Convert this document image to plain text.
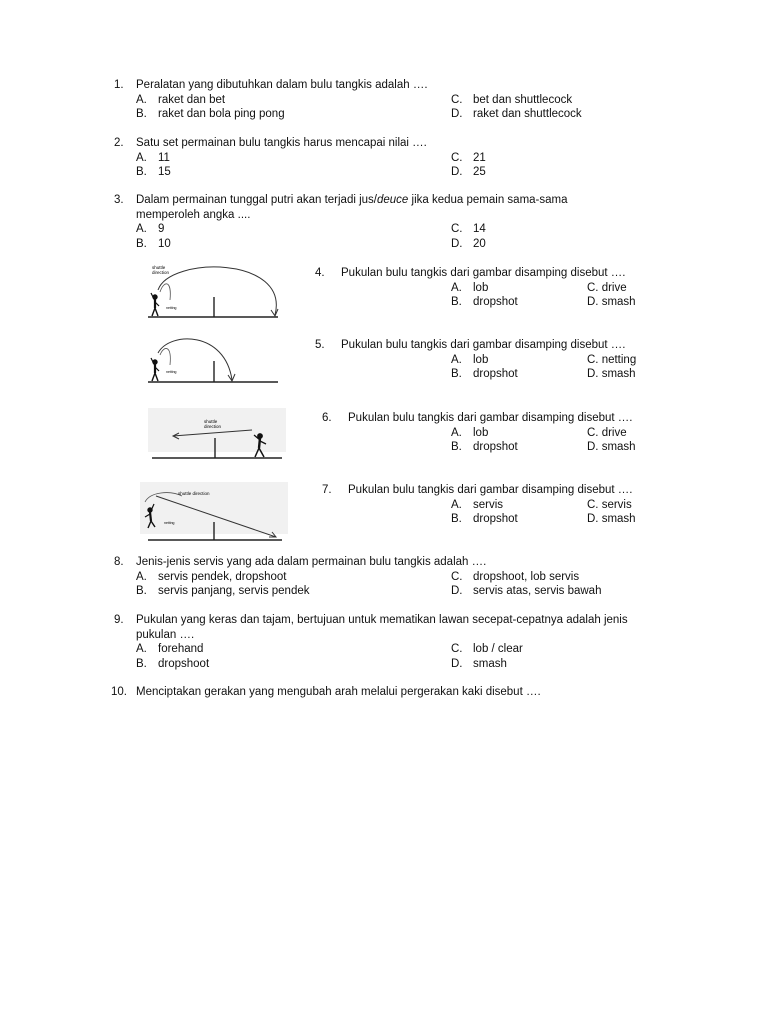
1. Peralatan yang dibutuhkan dalam bulu tangkis adalah ….
A. raket dan bet
B. raket dan bola ping pong
C. bet dan shuttlecock
D. raket dan shuttlecock
2. Satu set permainan bulu tangkis harus mencapai nilai ….
A. 11
B. 15
C. 21
D. 25
3. Dalam permainan tunggal putri akan terjadi jus/deuce jika kedua pemain sama-sama
memperoleh angka ....
A. 9
B. 10
C. 14
D. 20
shuttle
direction
netting
4. Pukulan bulu tangkis dari gambar disamping disebut ….
A. lob
B. dropshot
C. drive
D. smash
netting
5. Pukulan bulu tangkis dari gambar disamping disebut ….
A. lob
B. dropshot
C. netting
D. smash
shuttle
direction
6. Pukulan bulu tangkis dari gambar disamping disebut ….
A. lob
B. dropshot
C. drive
D. smash
shuttle direction
netting
7. Pukulan bulu tangkis dari gambar disamping disebut ….
A. servis
B. dropshot
C. servis
D. smash
8. Jenis-jenis servis yang ada dalam permainan bulu tangkis adalah ….
A. servis pendek, dropshoot
B. servis panjang, servis pendek
C. dropshoot, lob servis
D. servis atas, servis bawah
9. Pukulan yang keras dan tajam, bertujuan untuk mematikan lawan secepat-cepatnya adalah jenis
pukulan ….
A. forehand
B. dropshoot
C. lob / clear
D. smash
10. Menciptakan gerakan yang mengubah arah melalui pergerakan kaki disebut ….
